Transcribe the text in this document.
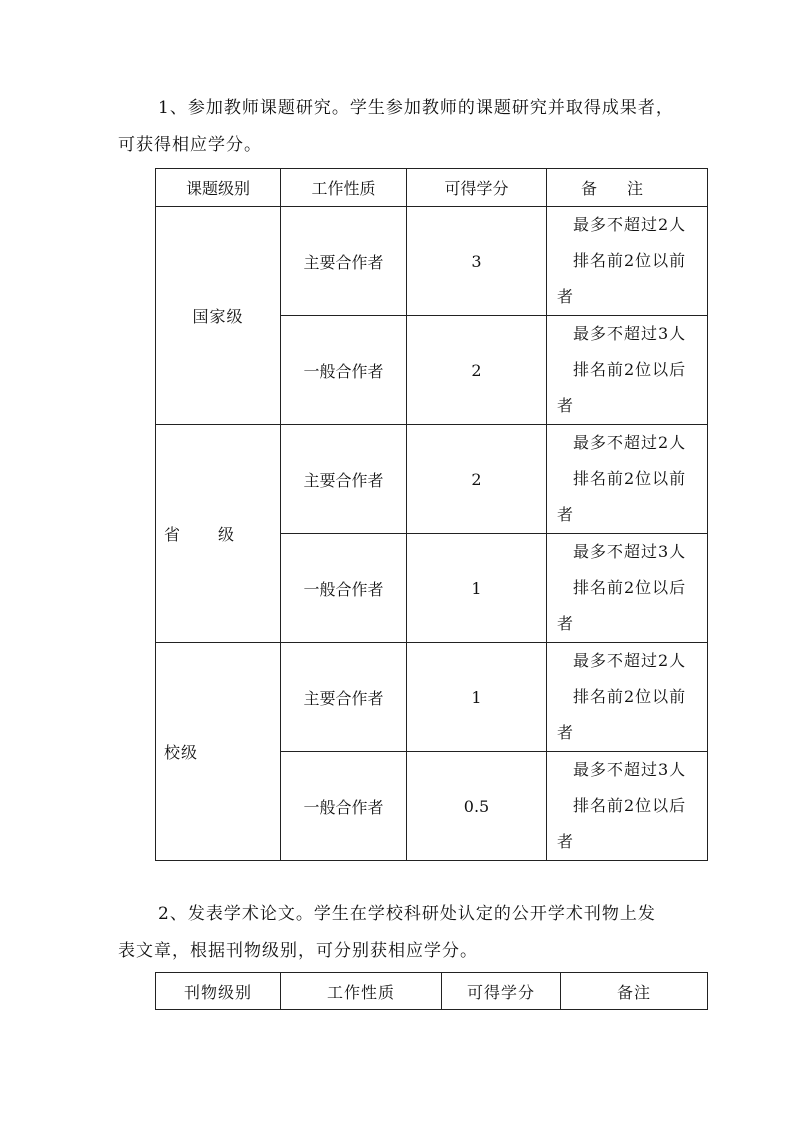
1、参加教师课题研究。学生参加教师的课题研究并取得成果者，
可获得相应学分。

课题级别	工作性质	可得学分	备注
国家级	主要合作者	3	最多不超过2人
排名前2位以前
者

	一般合作者	2	最多不超过3人
排名前2位以后
者

省级	主要合作者	2	最多不超过2人
排名前2位以前
者

	一般合作者	1	最多不超过3人
排名前2位以后
者

校级	主要合作者	1	最多不超过2人
排名前2位以前
者

	一般合作者	0.5	最多不超过3人
排名前2位以后
者

2、发表学术论文。学生在学校科研处认定的公开学术刊物上发
表文章，根据刊物级别，可分别获相应学分。

刊物级别	工作性质	可得学分	备注
